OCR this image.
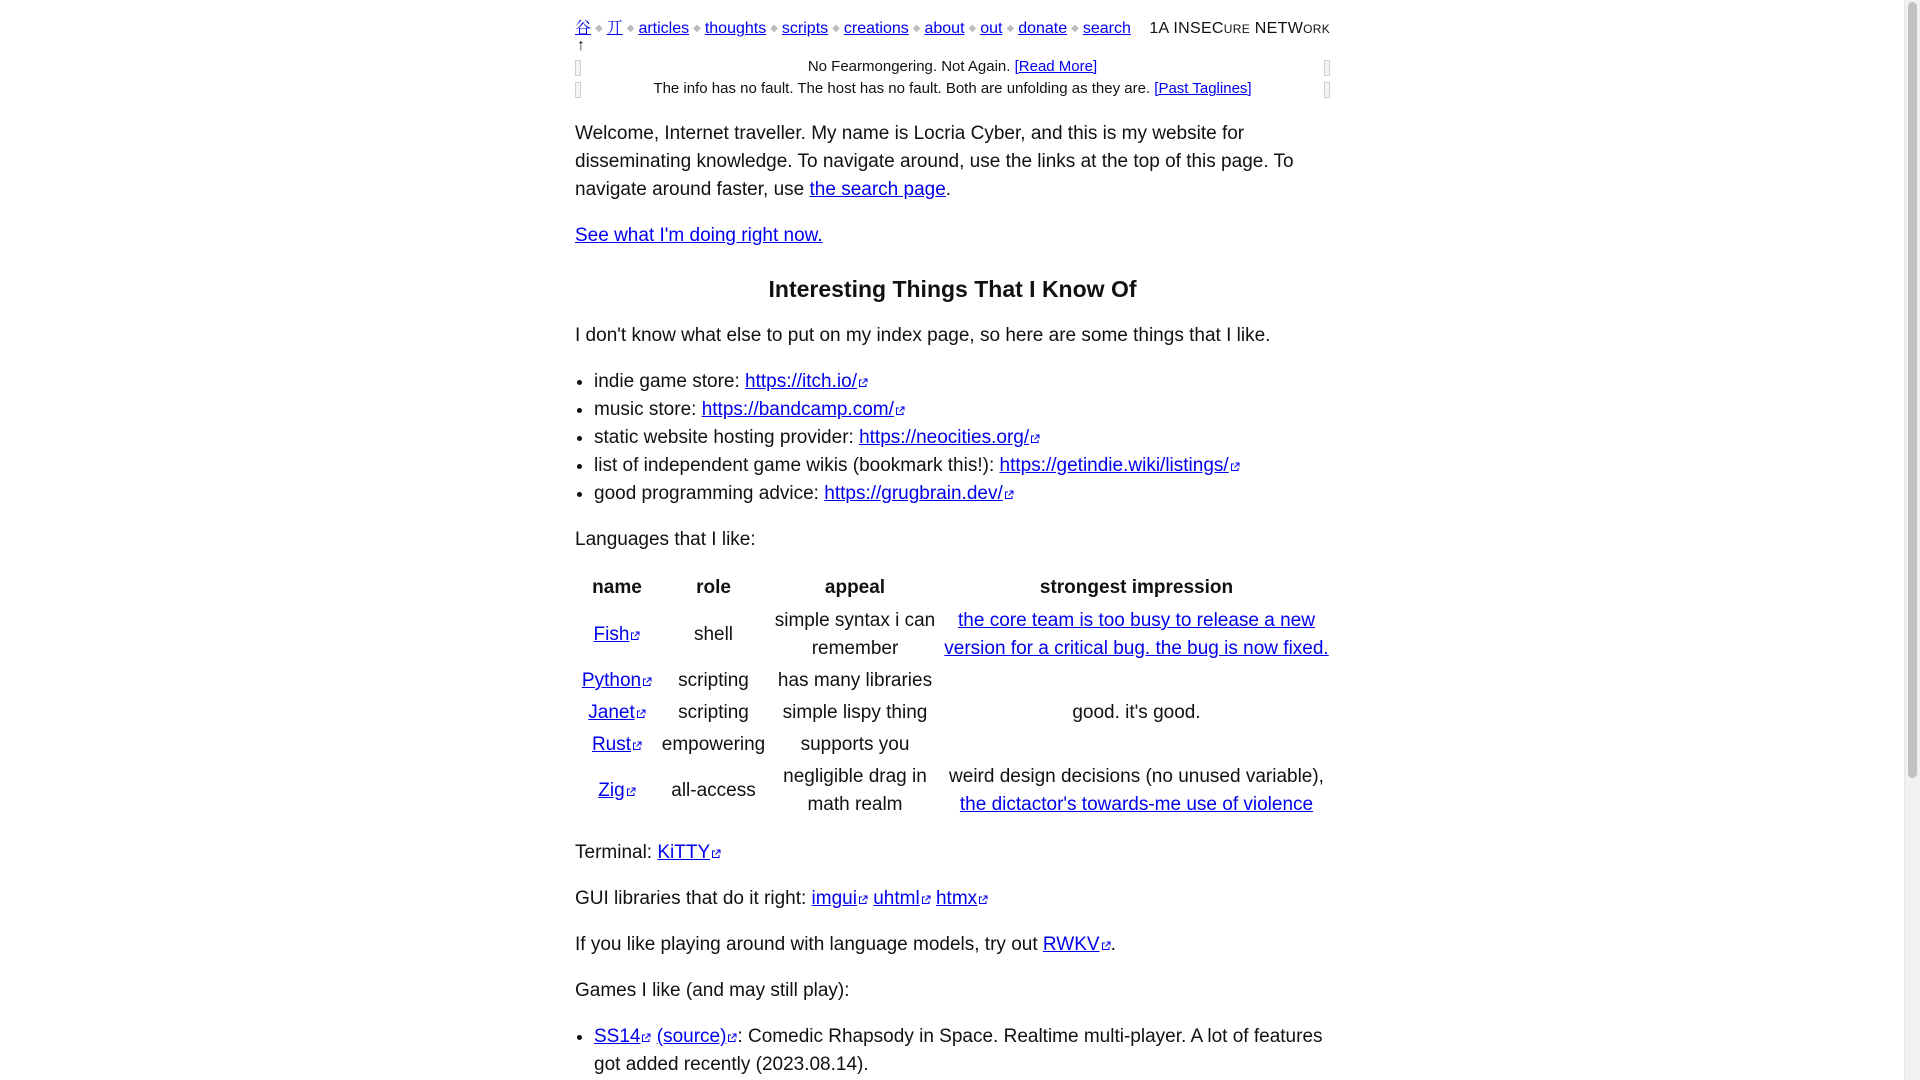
谷 ◆ 丌 ◆ articles ◆ thoughts ◆ scripts ◆ creations ◆ about ◆ out ◆ donate ◆ search
↑
1A INSECURE NETWORK
No Fearmongering. Not Again. [Read More]
The info has no fault. The host has no fault. Both are unfolding as they are. [Past Taglines]

Welcome, Internet traveller. My name is Locria Cyber, and this is my website for disseminating knowledge. To navigate around, use the links at the top of this page. To navigate around faster, use the search page.

See what I'm doing right now.

Interesting Things That I Know Of

I don't know what else to put on my index page, so here are some things that I like.

• indie game store: https://itch.io/
• music store: https://bandcamp.com/
• static website hosting provider: https://neocities.org/
• list of independent game wikis (bookmark this!): https://getindie.wiki/listings/
• good programming advice: https://grugbrain.dev/

Languages that I like:

name	role	appeal	strongest impression
Fish	shell	simple syntax i can remember	the core team is too busy to release a new version for a critical bug. the bug is now fixed.
Python	scripting	has many libraries	
Janet	scripting	simple lispy thing	good. it's good.
Rust	empowering	supports you	
Zig	all-access	negligible drag in math realm	weird design decisions (no unused variable), the dictactor's towards-me use of violence

Terminal: KiTTY

GUI libraries that do it right: imgui uhtml htmx

If you like playing around with language models, try out RWKV .

Games I like (and may still play):

• SS14 (source) : Comedic Rhapsody in Space. Realtime multi-player. A lot of features got added recently (2023.08.14).
